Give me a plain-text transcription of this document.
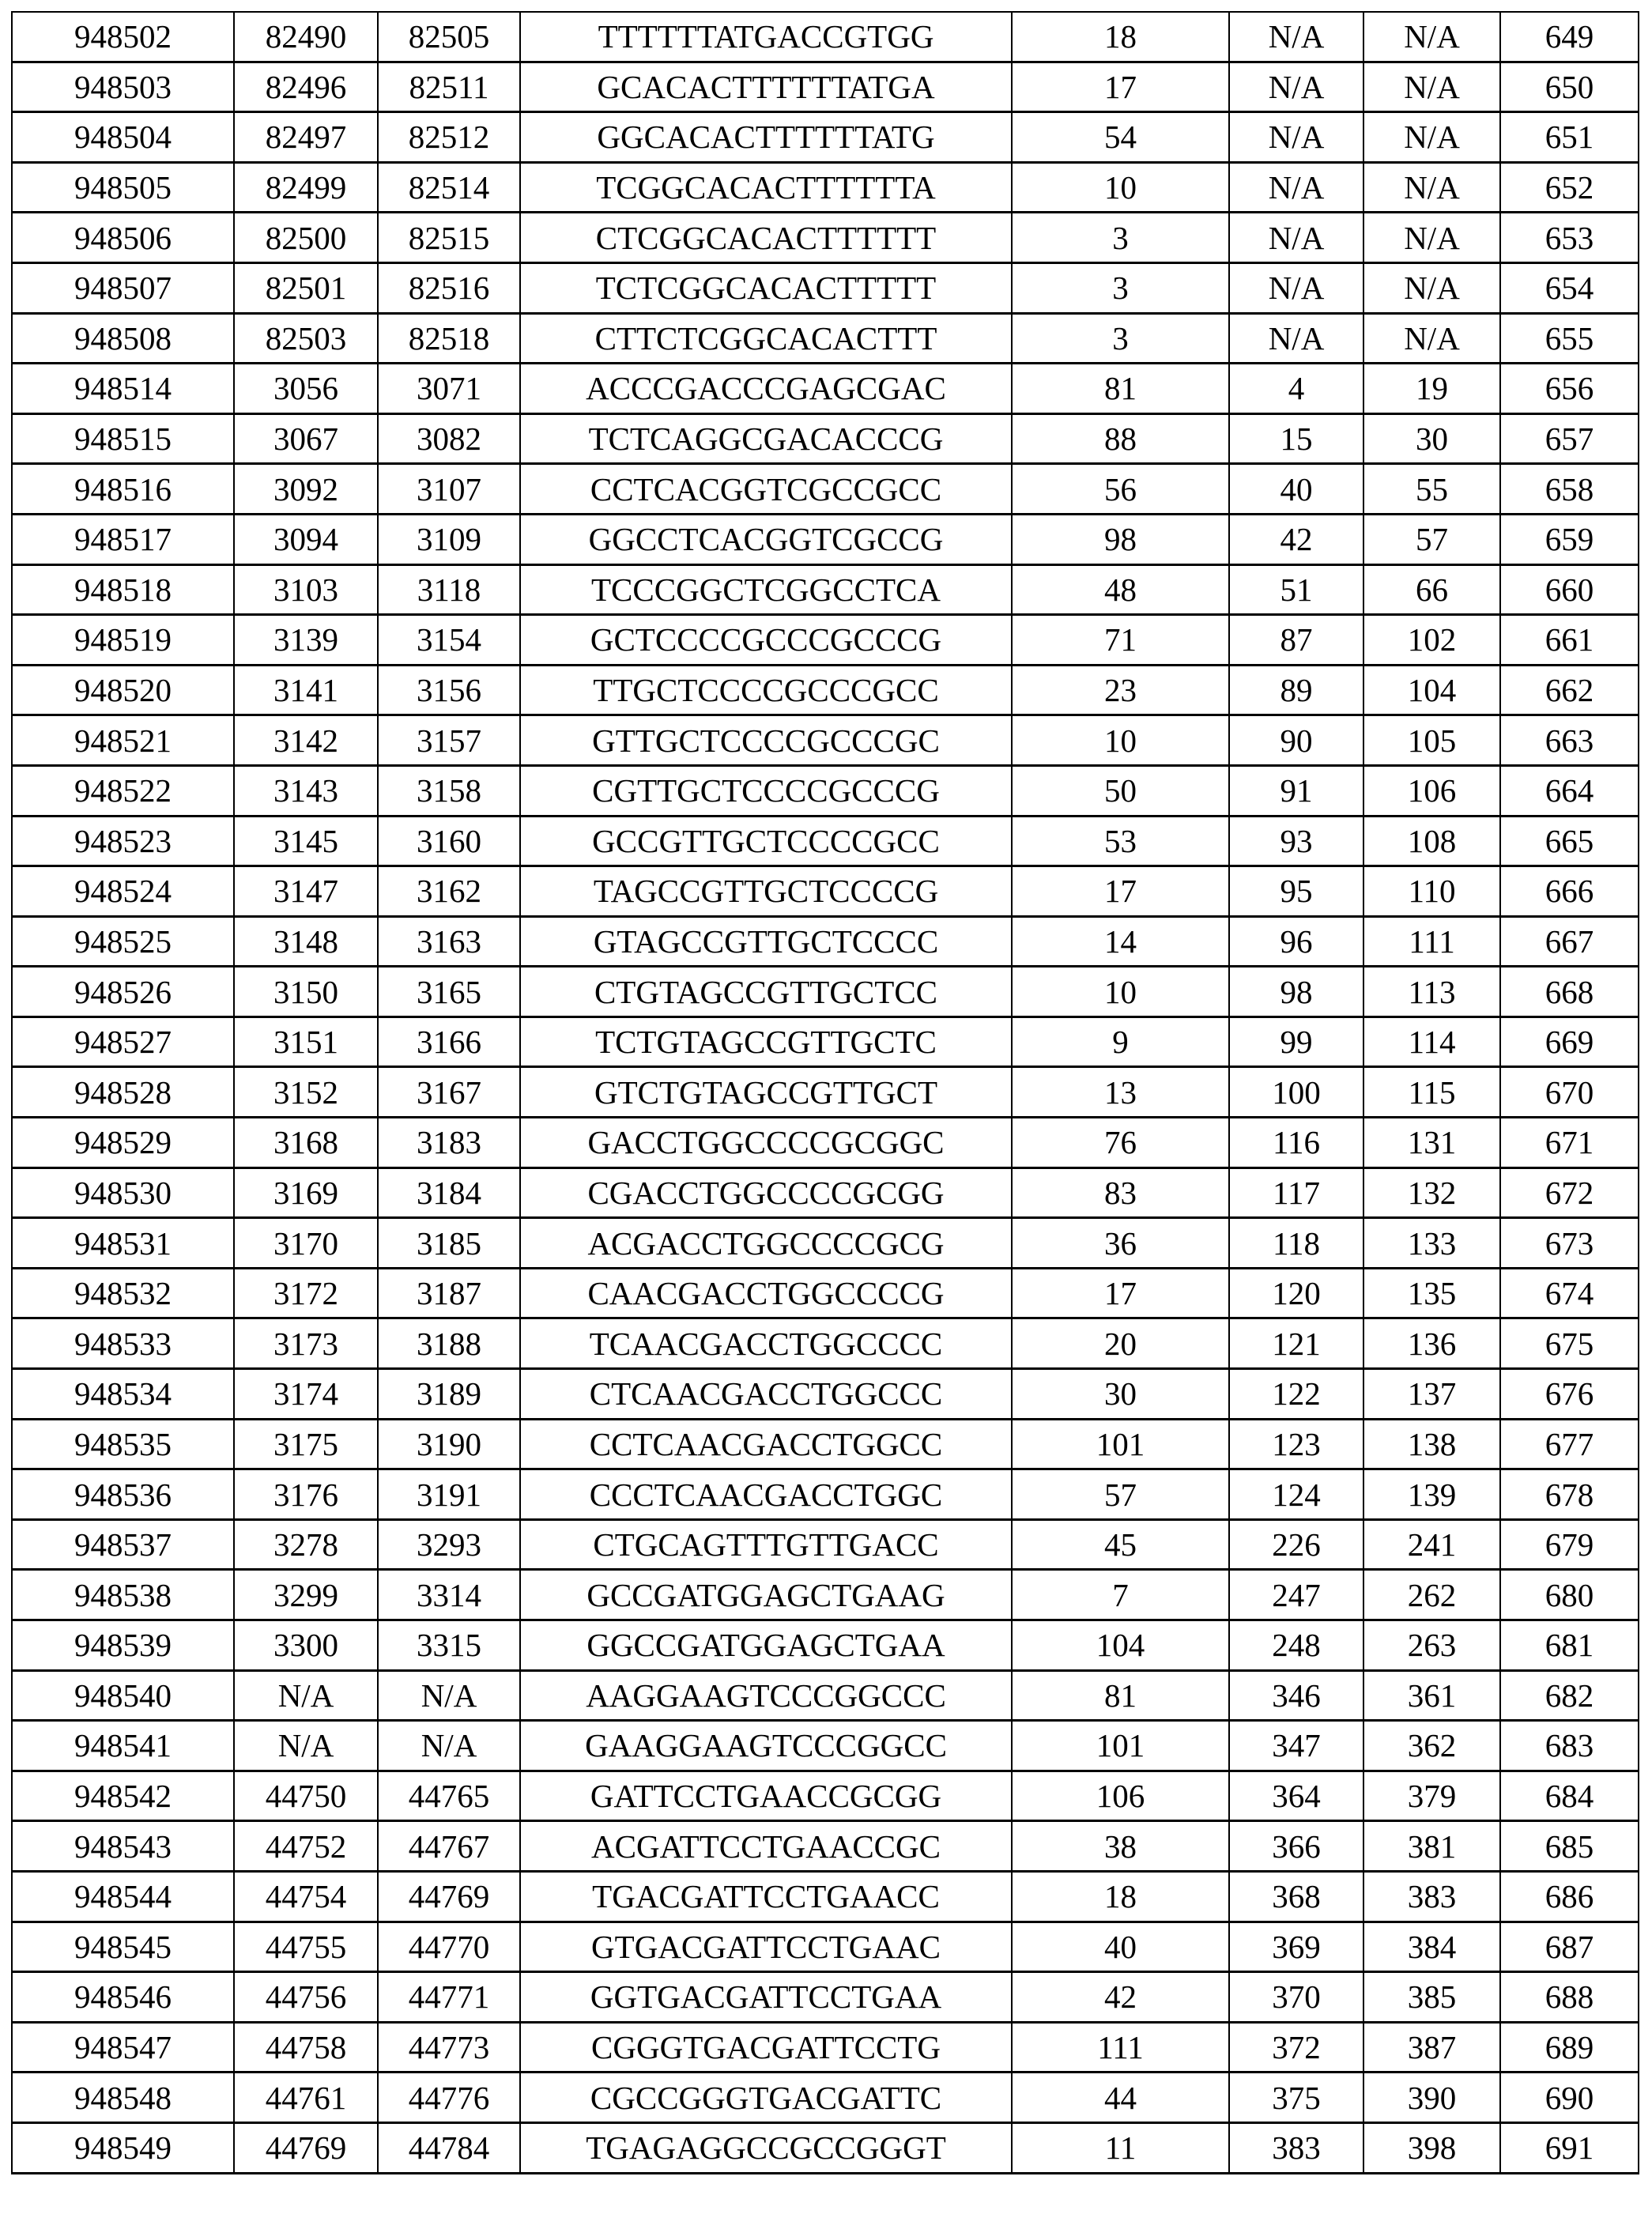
948502	82490	82505	TTTTTTATGACCGTGG	18	N/A	N/A	649
948503	82496	82511	GCACACTTTTTTATGA	17	N/A	N/A	650
948504	82497	82512	GGCACACTTTTTTATG	54	N/A	N/A	651
948505	82499	82514	TCGGCACACTTTTTTA	10	N/A	N/A	652
948506	82500	82515	CTCGGCACACTTTTTT	3	N/A	N/A	653
948507	82501	82516	TCTCGGCACACTTTTT	3	N/A	N/A	654
948508	82503	82518	CTTCTCGGCACACTTT	3	N/A	N/A	655
948514	3056	3071	ACCCGACCCGAGCGAC	81	4	19	656
948515	3067	3082	TCTCAGGCGACACCCG	88	15	30	657
948516	3092	3107	CCTCACGGTCGCCGCC	56	40	55	658
948517	3094	3109	GGCCTCACGGTCGCCG	98	42	57	659
948518	3103	3118	TCCCGGCTCGGCCTCA	48	51	66	660
948519	3139	3154	GCTCCCCGCCCGCCCG	71	87	102	661
948520	3141	3156	TTGCTCCCCGCCCGCC	23	89	104	662
948521	3142	3157	GTTGCTCCCCGCCCGC	10	90	105	663
948522	3143	3158	CGTTGCTCCCCGCCCG	50	91	106	664
948523	3145	3160	GCCGTTGCTCCCCGCC	53	93	108	665
948524	3147	3162	TAGCCGTTGCTCCCCG	17	95	110	666
948525	3148	3163	GTAGCCGTTGCTCCCC	14	96	111	667
948526	3150	3165	CTGTAGCCGTTGCTCC	10	98	113	668
948527	3151	3166	TCTGTAGCCGTTGCTC	9	99	114	669
948528	3152	3167	GTCTGTAGCCGTTGCT	13	100	115	670
948529	3168	3183	GACCTGGCCCCGCGGC	76	116	131	671
948530	3169	3184	CGACCTGGCCCCGCGG	83	117	132	672
948531	3170	3185	ACGACCTGGCCCCGCG	36	118	133	673
948532	3172	3187	CAACGACCTGGCCCCG	17	120	135	674
948533	3173	3188	TCAACGACCTGGCCCC	20	121	136	675
948534	3174	3189	CTCAACGACCTGGCCC	30	122	137	676
948535	3175	3190	CCTCAACGACCTGGCC	101	123	138	677
948536	3176	3191	CCCTCAACGACCTGGC	57	124	139	678
948537	3278	3293	CTGCAGTTTGTTGACC	45	226	241	679
948538	3299	3314	GCCGATGGAGCTGAAG	7	247	262	680
948539	3300	3315	GGCCGATGGAGCTGAA	104	248	263	681
948540	N/A	N/A	AAGGAAGTCCCGGCCC	81	346	361	682
948541	N/A	N/A	GAAGGAAGTCCCGGCC	101	347	362	683
948542	44750	44765	GATTCCTGAACCGCGG	106	364	379	684
948543	44752	44767	ACGATTCCTGAACCGC	38	366	381	685
948544	44754	44769	TGACGATTCCTGAACC	18	368	383	686
948545	44755	44770	GTGACGATTCCTGAAC	40	369	384	687
948546	44756	44771	GGTGACGATTCCTGAA	42	370	385	688
948547	44758	44773	CGGGTGACGATTCCTG	111	372	387	689
948548	44761	44776	CGCCGGGTGACGATTC	44	375	390	690
948549	44769	44784	TGAGAGGCCGCCGGGT	11	383	398	691
